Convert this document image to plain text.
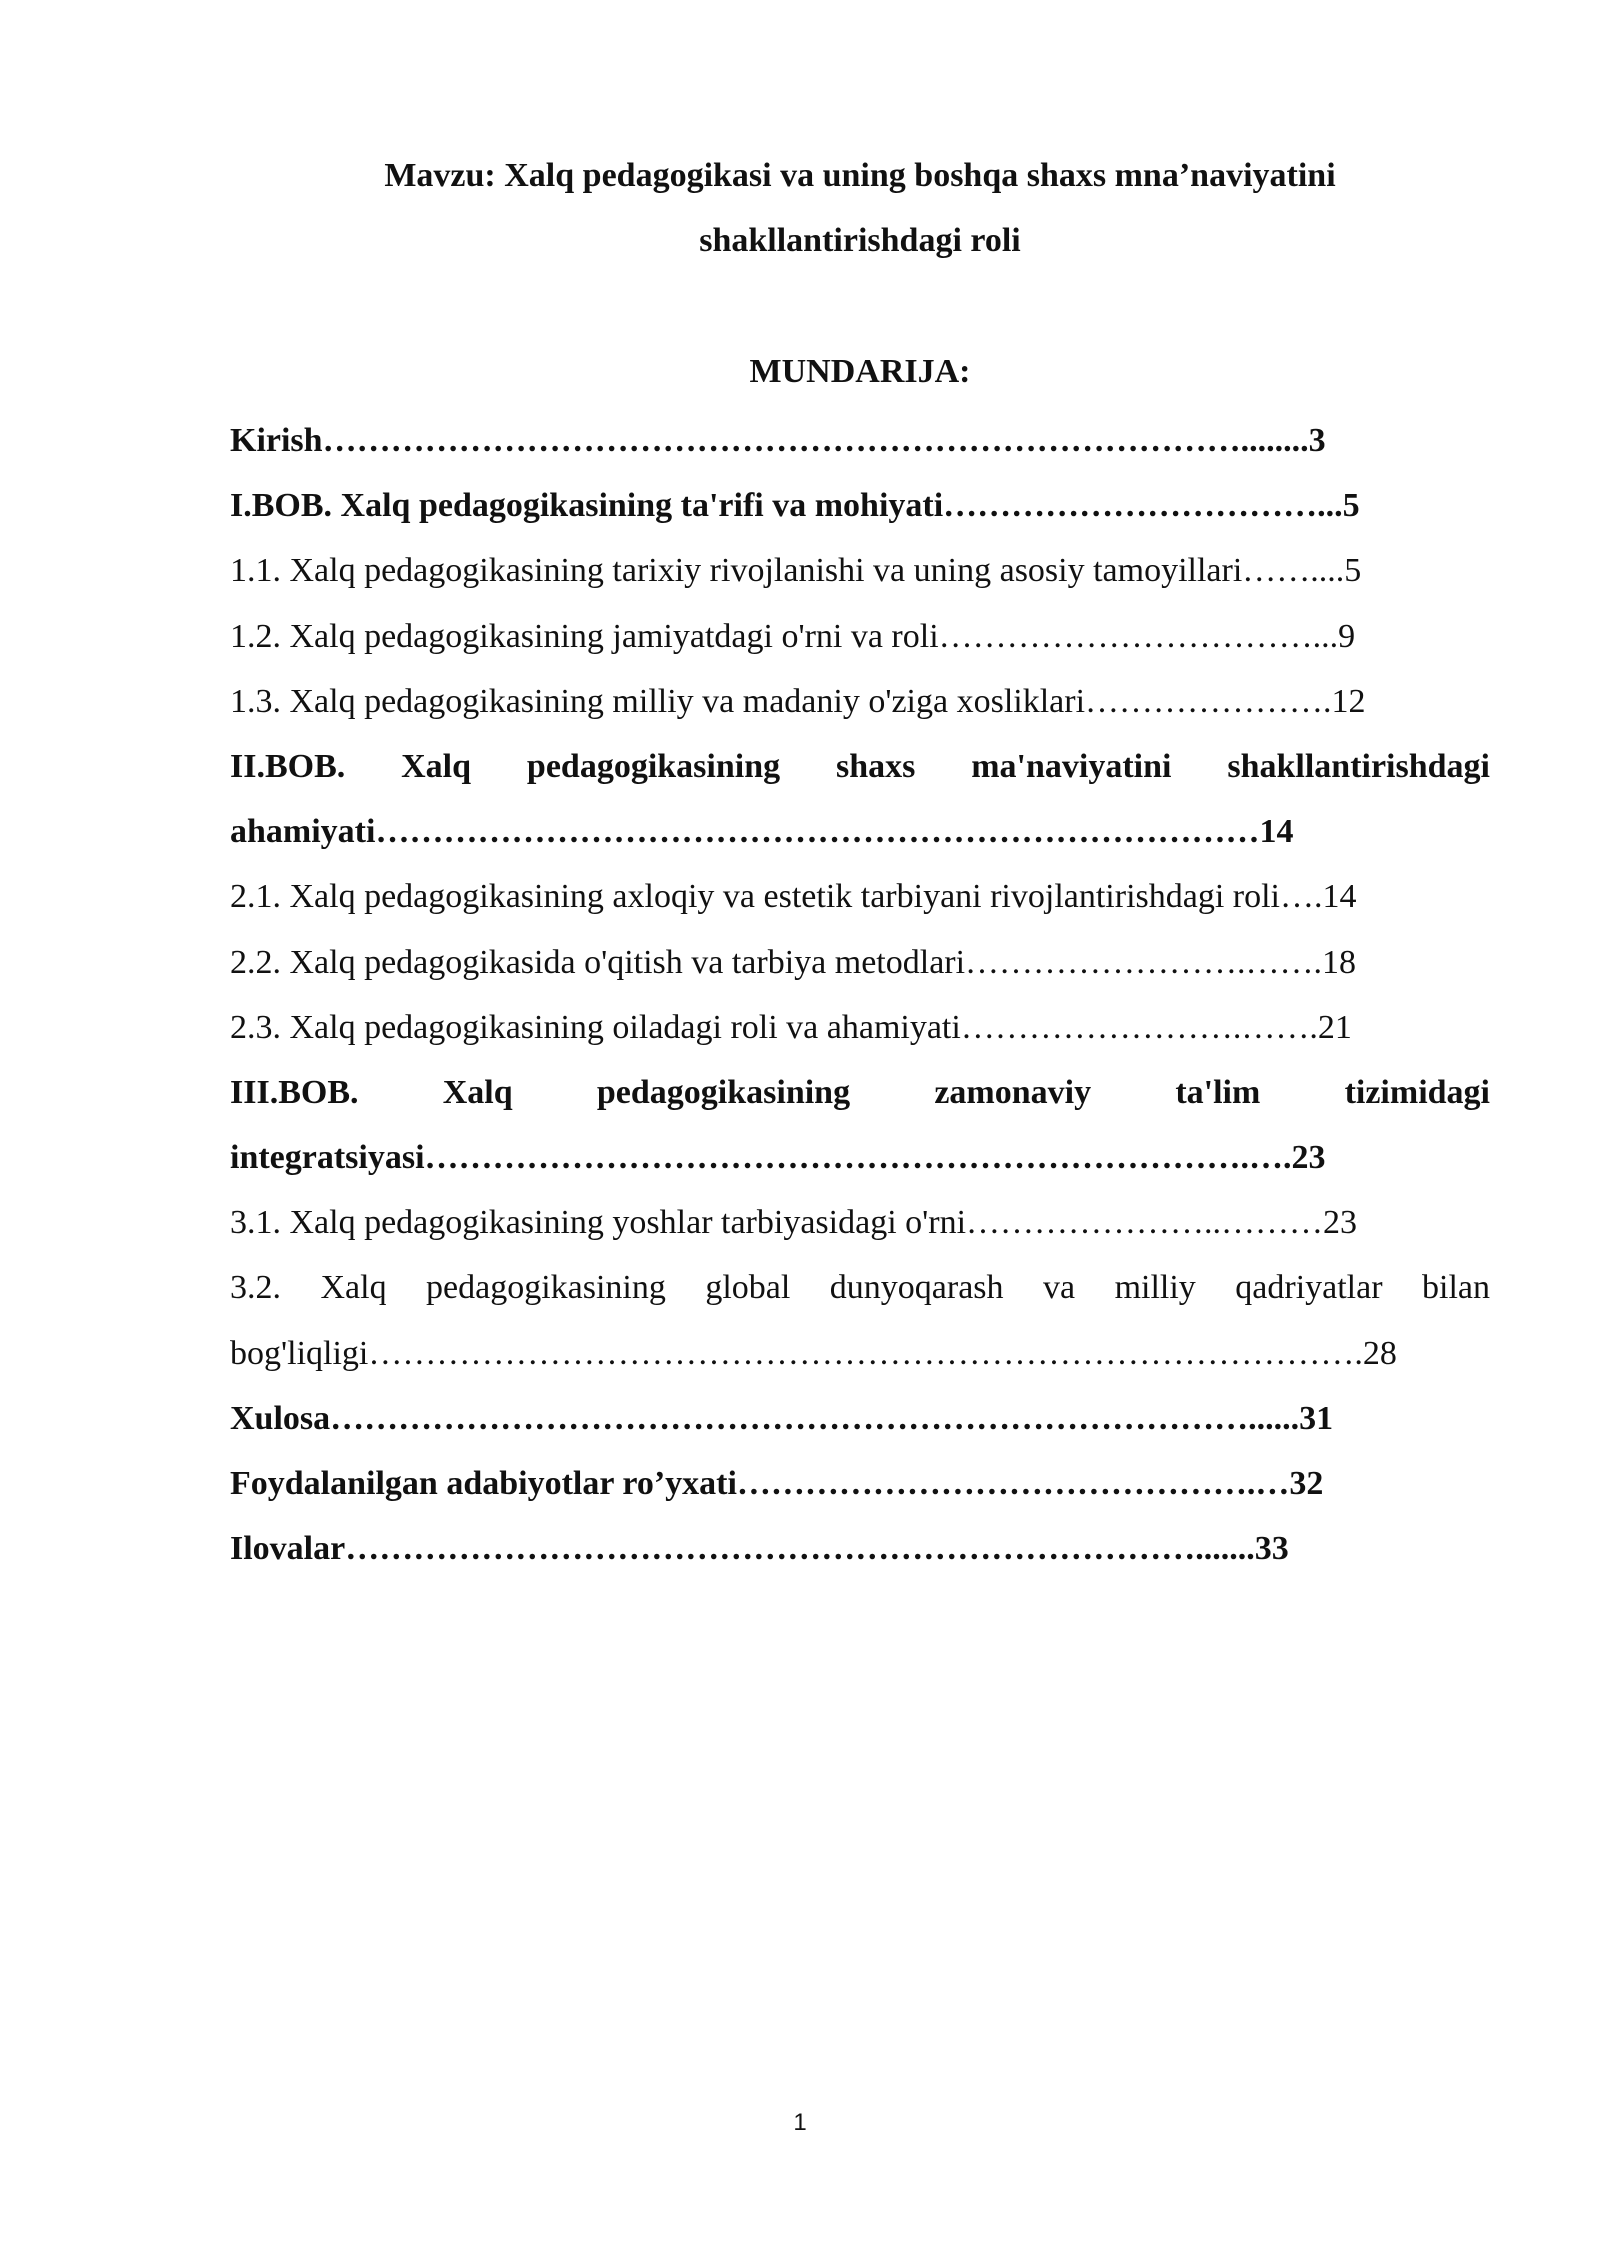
Mavzu: Xalq pedagogikasi va uning boshqa shaxs mna’naviyatini
shakllantirishdagi roli
MUNDARIJA:
Kirish………………………………………………………………………........3
I.BOB. Xalq pedagogikasining ta'rifi va mohiyati……………………………...5
1.1. Xalq pedagogikasining tarixiy rivojlanishi va uning asosiy tamoyillari……....5
1.2. Xalq pedagogikasining jamiyatdagi o'rni va roli……………………………...9
1.3. Xalq pedagogikasining milliy va madaniy o'ziga xosliklari………………….12
II.BOB. Xalq pedagogikasining shaxs ma'naviyatini shakllantirishdagi
ahamiyati……………………………………………………………………14
2.1. Xalq pedagogikasining axloqiy va estetik tarbiyani rivojlantirishdagi roli….14
2.2. Xalq pedagogikasida o'qitish va tarbiya metodlari…………………….…….18
2.3. Xalq pedagogikasining oiladagi roli va ahamiyati…………………….…….21
III.BOB. Xalq pedagogikasining zamonaviy ta'lim tizimidagi
integratsiyasi……………………………………………………………….….23
3.1. Xalq pedagogikasining yoshlar tarbiyasidagi o'rni…………………..………23
3.2. Xalq pedagogikasining global dunyoqarash va milliy qadriyatlar bilan
bog'liqligi…………………………………………………………………………….28
Xulosa………………………………………………………………………......31
Foydalanilgan adabiyotlar ro’yxati……………………………………….…32
Ilovalar………………………………………………………………….......33
1
